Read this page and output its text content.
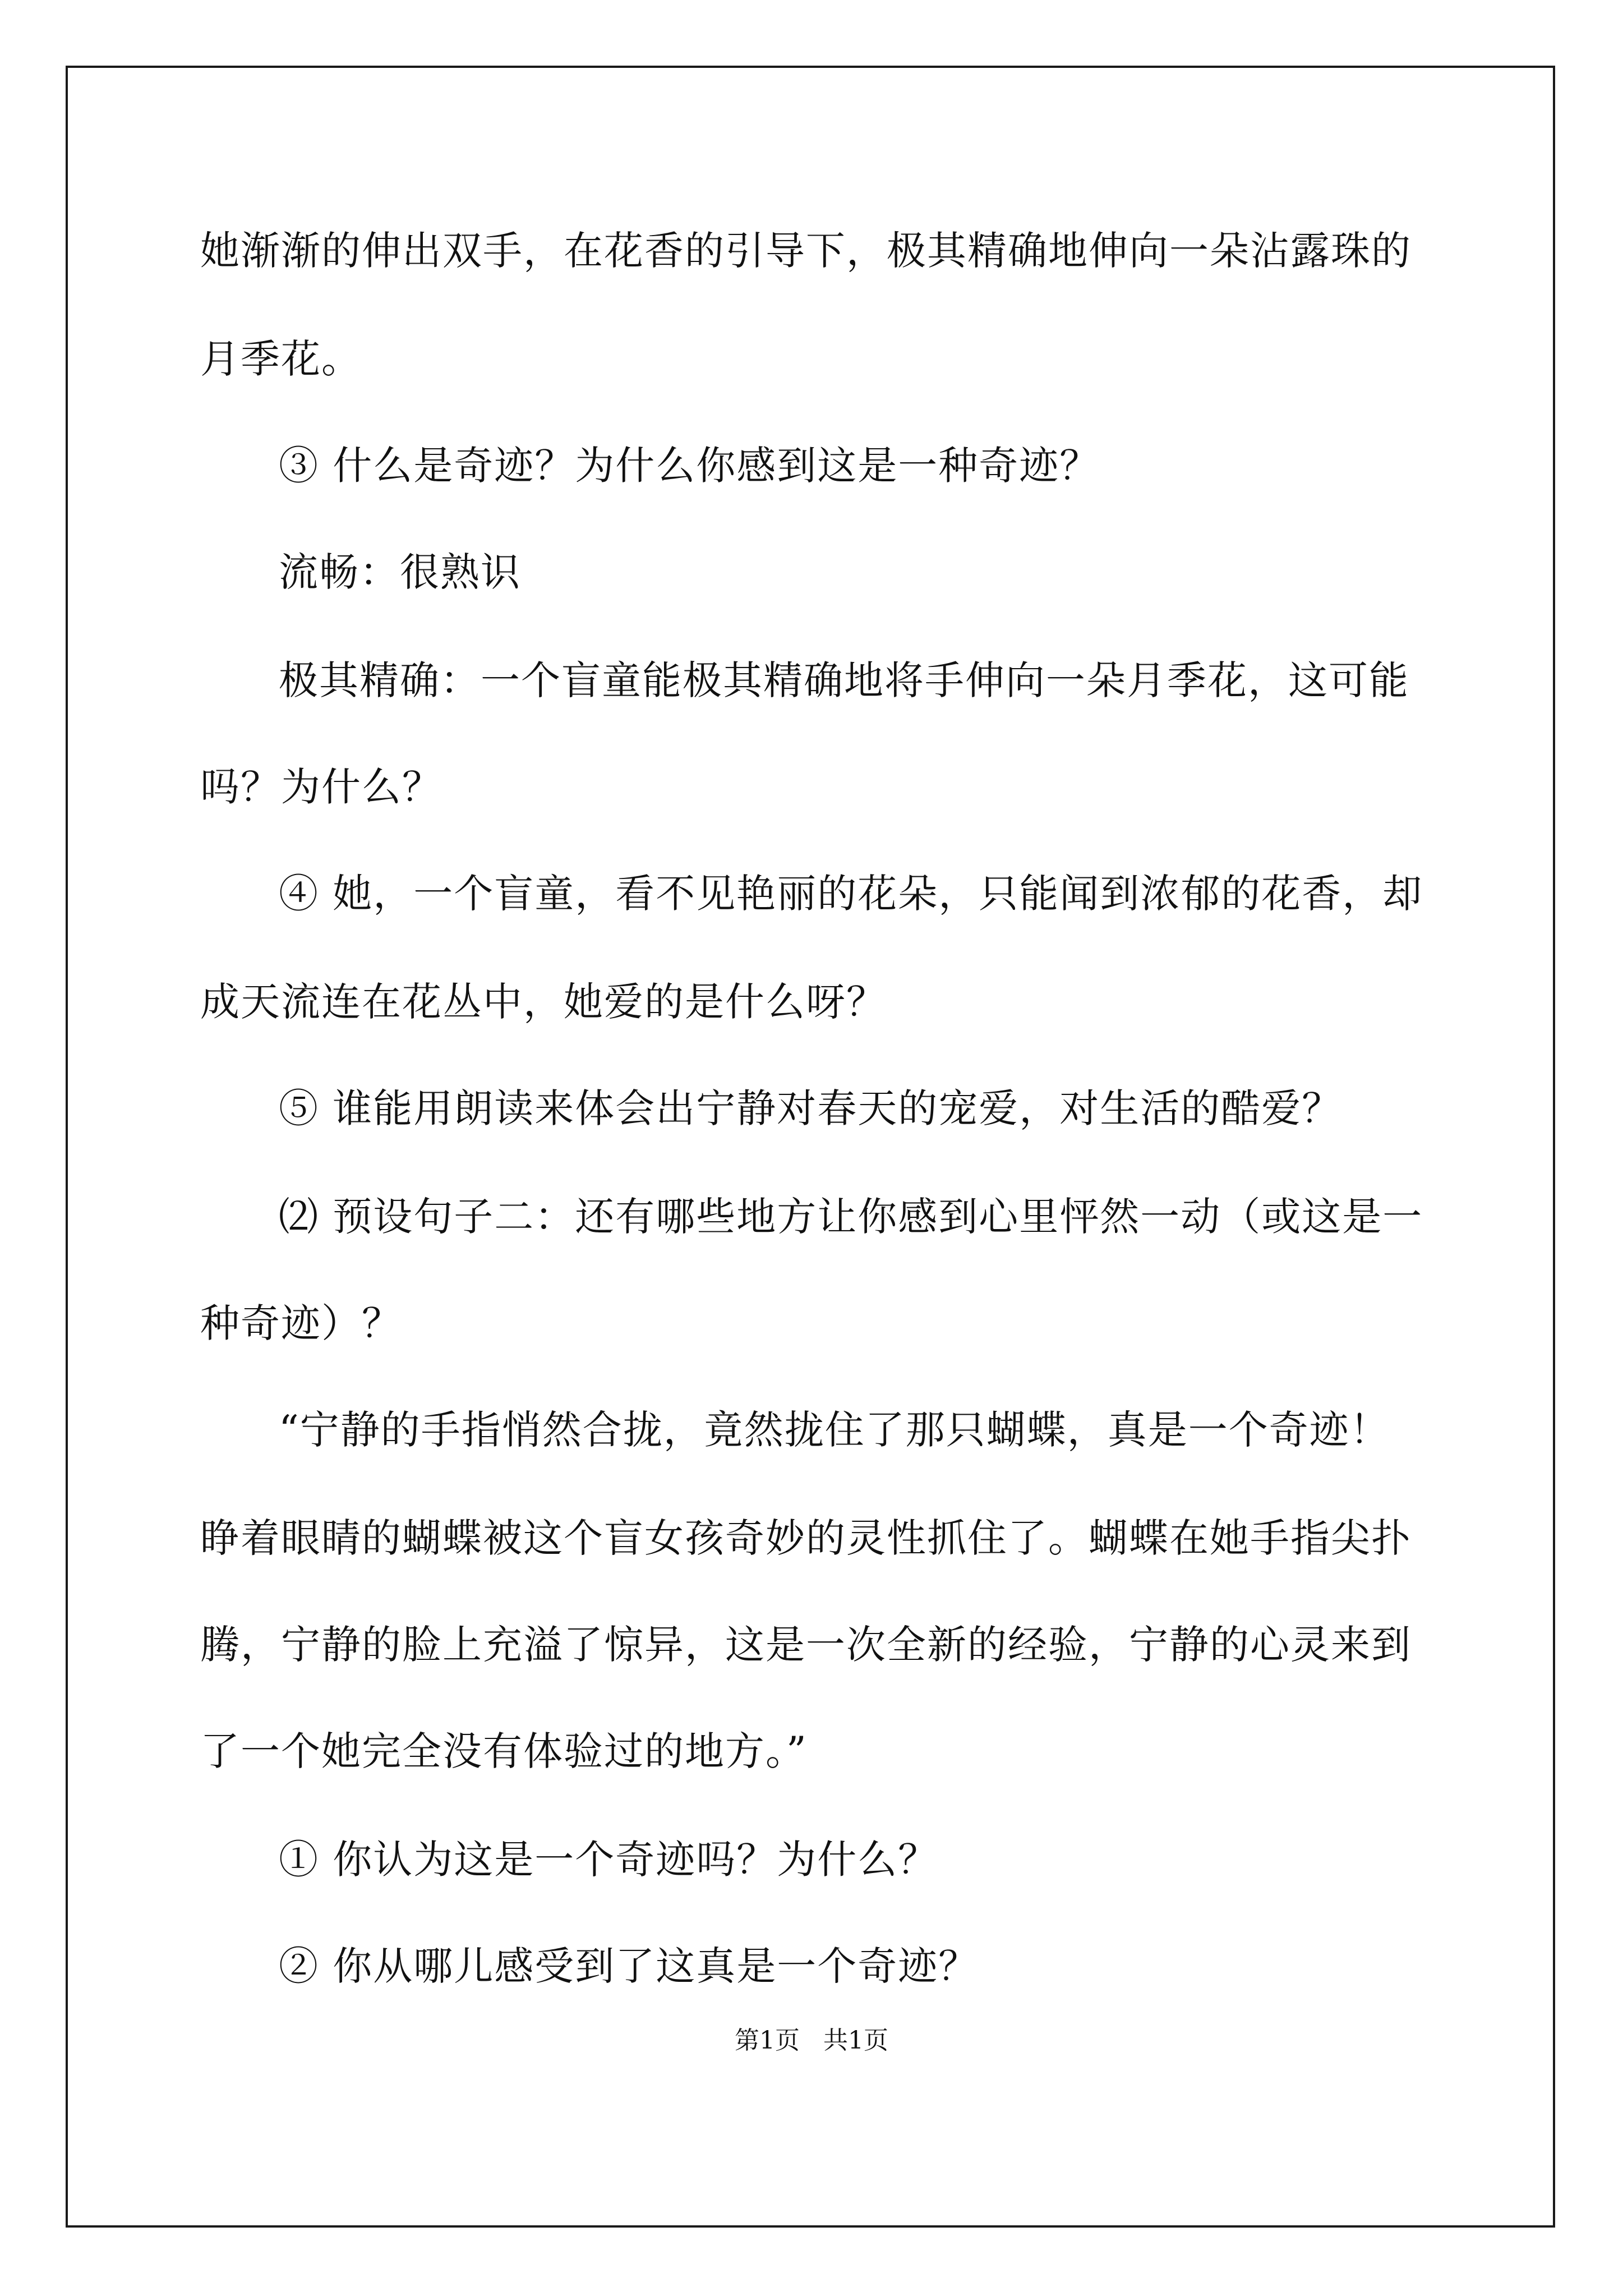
她渐渐的伸出双手，在花香的引导下，极其精确地伸向一朵沾露珠的
月季花。
③ 什么是奇迹？为什么你感到这是一种奇迹？
流畅：很熟识
极其精确：一个盲童能极其精确地将手伸向一朵月季花，这可能
吗？为什么？
④ 她，一个盲童，看不见艳丽的花朵，只能闻到浓郁的花香，却
成天流连在花丛中，她爱的是什么呀？
⑤ 谁能用朗读来体会出宁静对春天的宠爱，对生活的酷爱？
⑵ 预设句子二：还有哪些地方让你感到心里怦然一动（或这是一
种奇迹）？
“宁静的手指悄然合拢，竟然拢住了那只蝴蝶，真是一个奇迹！
睁着眼睛的蝴蝶被这个盲女孩奇妙的灵性抓住了。蝴蝶在她手指尖扑
腾，宁静的脸上充溢了惊异，这是一次全新的经验，宁静的心灵来到
了一个她完全没有体验过的地方。”
① 你认为这是一个奇迹吗？为什么？
② 你从哪儿感受到了这真是一个奇迹？
第1页   共1页
